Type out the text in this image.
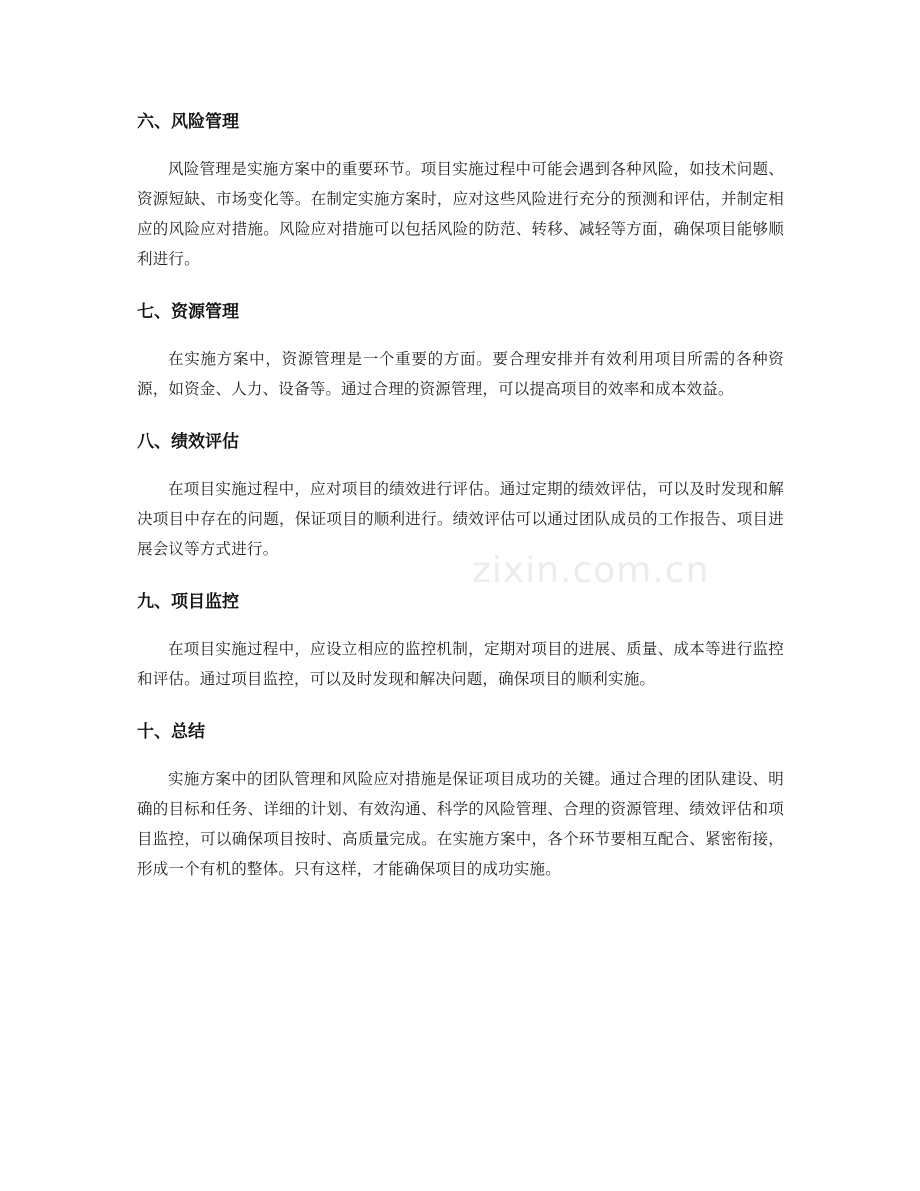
zixin.com.cn
六、风险管理

风险管理是实施方案中的重要环节。项目实施过程中可能会遇到各种风险，如技术问题、资源短缺、市场变化等。在制定实施方案时，应对这些风险进行充分的预测和评估，并制定相应的风险应对措施。风险应对措施可以包括风险的防范、转移、减轻等方面，确保项目能够顺利进行。

七、资源管理

在实施方案中，资源管理是一个重要的方面。要合理安排并有效利用项目所需的各种资源，如资金、人力、设备等。通过合理的资源管理，可以提高项目的效率和成本效益。

八、绩效评估

在项目实施过程中，应对项目的绩效进行评估。通过定期的绩效评估，可以及时发现和解决项目中存在的问题，保证项目的顺利进行。绩效评估可以通过团队成员的工作报告、项目进展会议等方式进行。

九、项目监控

在项目实施过程中，应设立相应的监控机制，定期对项目的进展、质量、成本等进行监控和评估。通过项目监控，可以及时发现和解决问题，确保项目的顺利实施。

十、总结

实施方案中的团队管理和风险应对措施是保证项目成功的关键。通过合理的团队建设、明确的目标和任务、详细的计划、有效沟通、科学的风险管理、合理的资源管理、绩效评估和项目监控，可以确保项目按时、高质量完成。在实施方案中，各个环节要相互配合、紧密衔接，形成一个有机的整体。只有这样，才能确保项目的成功实施。
